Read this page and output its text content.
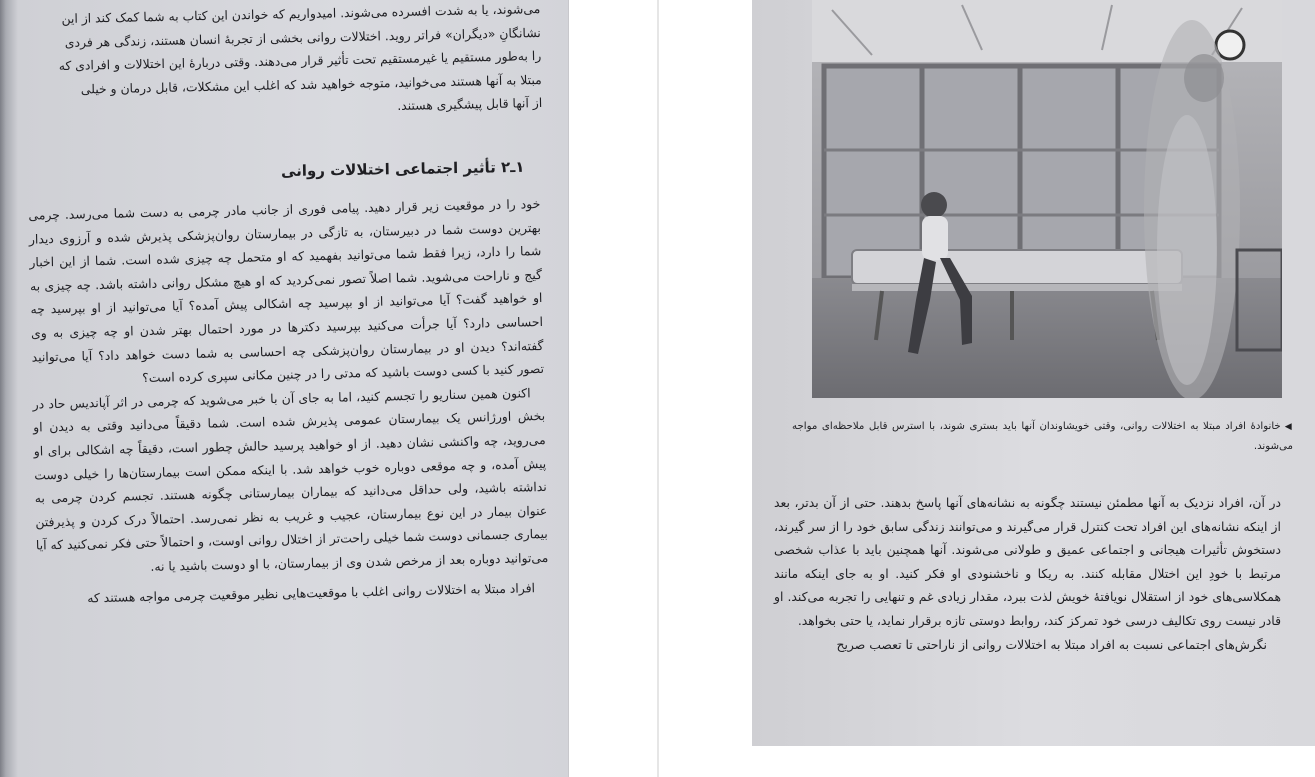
می‌شوند، یا به شدت افسرده می‌شوند. امیدواریم که خواندن این کتاب به شما کمک کند از این

نشانگانِ «دیگران» فراتر روید. اختلالات روانی بخشی از تجربهٔ انسان هستند، زندگی هر فردی

را به‌طور مستقیم یا غیرمستقیم تحت تأثیر قرار می‌دهند. وقتی دربارهٔ این اختلالات و افرادی که

مبتلا به آنها هستند می‌خوانید، متوجه خواهید شد که اغلب این مشکلات، قابل درمان و خیلی

از آنها قابل پیشگیری هستند.

۱ـ۲ تأثیر اجتماعی اختلالات روانی

خود را در موقعیت زیر قرار دهید. پیامی فوری از جانب مادر چرمی به دست شما می‌رسد. چرمی بهترین دوست شما در دبیرستان، به تازگی در بیمارستان روان‌پزشکی پذیرش شده و آرزوی دیدار شما را دارد، زیرا فقط شما می‌توانید بفهمید که او متحمل چه چیزی شده است. شما از این اخبار گیج و ناراحت می‌شوید. شما اصلاً تصور نمی‌کردید که او هیچ مشکل روانی داشته باشد. چه چیزی به او خواهید گفت؟ آیا می‌توانید از او بپرسید چه اشکالی پیش آمده؟ آیا می‌توانید از او بپرسید چه احساسی دارد؟ آیا جرأت می‌کنید بپرسید دکترها در مورد احتمال بهتر شدن او چه چیزی به وی گفته‌اند؟ دیدن او در بیمارستان روان‌پزشکی چه احساسی به شما دست خواهد داد؟ آیا می‌توانید تصور کنید با کسی دوست باشید که مدتی را در چنین مکانی سپری کرده است؟

اکنون همین سناریو را تجسم کنید، اما به جای آن با خبر می‌شوید که چرمی در اثر آپاندیس حاد در بخش اورژانس یک بیمارستان عمومی پذیرش شده است. شما دقیقاً می‌دانید وقتی به دیدن او می‌روید، چه واکنشی نشان دهید. از او خواهید پرسید حالش چطور است، دقیقاً چه اشکالی برای او پیش آمده، و چه موقعی دوباره خوب خواهد شد. با اینکه ممکن است بیمارستان‌ها را خیلی دوست نداشته باشید، ولی حداقل می‌دانید که بیماران بیمارستانی چگونه هستند. تجسم کردن چرمی به عنوان بیمار در این نوع بیمارستان، عجیب و غریب به نظر نمی‌رسد. احتمالاً درک کردن و پذیرفتن بیماری جسمانی دوست شما خیلی راحت‌تر از اختلال روانی اوست، و احتمالاً حتی فکر نمی‌کنید که آیا می‌توانید دوباره بعد از مرخص شدن وی از بیمارستان، با او دوست باشید یا نه.

افراد مبتلا به اختلالات روانی اغلب با موقعیت‌هایی نظیر موقعیت چرمی مواجه هستند که

◀خانوادهٔ افراد مبتلا به اختلالات روانی، وقتی خویشاوندان آنها باید بستری شوند، با استرس قابل ملاحظه‌ای مواجه می‌شوند.

در آن، افراد نزدیک به آنها مطمئن نیستند چگونه به نشانه‌های آنها پاسخ بدهند. حتی از آن بدتر، بعد از اینکه نشانه‌های این افراد تحت کنترل قرار می‌گیرند و می‌توانند زندگی سابق خود را از سر گیرند، دستخوش تأثیرات هیجانی و اجتماعی عمیق و طولانی می‌شوند. آنها همچنین باید با عذاب شخصی مرتبط با خودِ این اختلال مقابله کنند. به ریکا و ناخشنودی او فکر کنید. او به جای اینکه مانند همکلاسی‌های خود از استقلال نویافتهٔ خویش لذت ببرد، مقدار زیادی غم و تنهایی را تجربه می‌کند. او قادر نیست روی تکالیف درسی خود تمرکز کند، روابط دوستی تازه برقرار نماید، یا حتی بخواهد.

نگرش‌های اجتماعی نسبت به افراد مبتلا به اختلالات روانی از ناراحتی تا تعصب صریح
